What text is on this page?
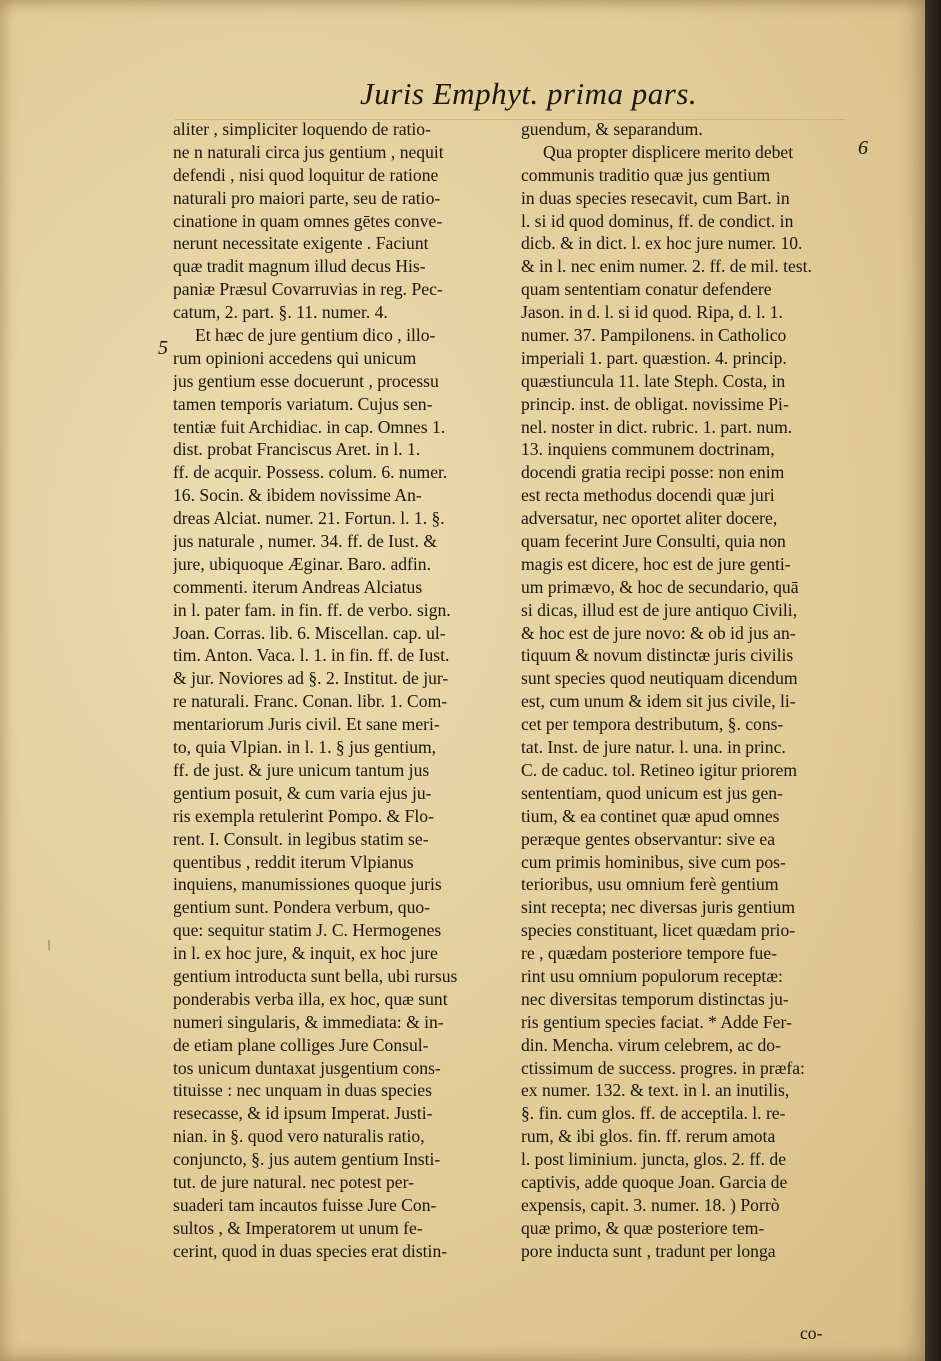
Juris Emphyt. prima pars.
5
6
aliter , simpliciter loquendo de ratio-
ne n naturali circa jus gentium , nequit
defendi , nisi quod loquitur de ratione
naturali pro maiori parte, seu de ratio-
cinatione in quam omnes gētes conve-
nerunt necessitate exigente . Faciunt
quæ tradit magnum illud decus His-
paniæ Præsul Covarruvias in reg. Pec-
catum, 2. part. §. 11. numer. 4.
Et hæc de jure gentium dico , illo-
rum opinioni accedens qui unicum
jus gentium esse docuerunt , processu
tamen temporis variatum. Cujus sen-
tentiæ fuit Archidiac. in cap. Omnes 1.
dist. probat Franciscus Aret. in l. 1.
ff. de acquir. Possess. colum. 6. numer.
16. Socin. & ibidem novissime An-
dreas Alciat. numer. 21. Fortun. l. 1. §.
jus naturale , numer. 34. ff. de Iust. &
jure, ubiquoque Æginar. Baro. adfin.
commenti. iterum Andreas Alciatus
in l. pater fam. in fin. ff. de verbo. sign.
Joan. Corras. lib. 6. Miscellan. cap. ul-
tim. Anton. Vaca. l. 1. in fin. ff. de Iust.
& jur. Noviores ad §. 2. Institut. de jur-
re naturali. Franc. Conan. libr. 1. Com-
mentariorum Juris civil. Et sane meri-
to, quia Vlpian. in l. 1. § jus gentium,
ff. de just. & jure unicum tantum jus
gentium posuit, & cum varia ejus ju-
ris exempla retulerint Pompo. & Flo-
rent. I. Consult. in legibus statim se-
quentibus , reddit iterum Vlpianus
inquiens, manumissiones quoque juris
gentium sunt. Pondera verbum, quo-
que: sequitur statim J. C. Hermogenes
in l. ex hoc jure, & inquit, ex hoc jure
gentium introducta sunt bella, ubi rursus
ponderabis verba illa, ex hoc, quæ sunt
numeri singularis, & immediata: & in-
de etiam plane colliges Jure Consul-
tos unicum duntaxat jusgentium cons-
tituisse : nec unquam in duas species
resecasse, & id ipsum Imperat. Justi-
nian. in §. quod vero naturalis ratio,
conjuncto, §. jus autem gentium Insti-
tut. de jure natural. nec potest per-
suaderi tam incautos fuisse Jure Con-
sultos , & Imperatorem ut unum fe-
cerint, quod in duas species erat distin-
guendum, & separandum.
Qua propter displicere merito debet
communis traditio quæ jus gentium
in duas species resecavit, cum Bart. in
l. si id quod dominus, ff. de condict. in
dicb. & in dict. l. ex hoc jure numer. 10.
& in l. nec enim numer. 2. ff. de mil. test.
quam sententiam conatur defendere
Jason. in d. l. si id quod. Ripa, d. l. 1.
numer. 37. Pampilonens. in Catholico
imperiali 1. part. quæstion. 4. princip.
quæstiuncula 11. late Steph. Costa, in
princip. inst. de obligat. novissime Pi-
nel. noster in dict. rubric. 1. part. num.
13. inquiens communem doctrinam,
docendi gratia recipi posse: non enim
est recta methodus docendi quæ juri
adversatur, nec oportet aliter docere,
quam fecerint Jure Consulti, quia non
magis est dicere, hoc est de jure genti-
um primævo, & hoc de secundario, quā
si dicas, illud est de jure antiquo Civili,
& hoc est de jure novo: & ob id jus an-
tiquum & novum distinctæ juris civilis
sunt species quod neutiquam dicendum
est, cum unum & idem sit jus civile, li-
cet per tempora destributum, §. cons-
tat. Inst. de jure natur. l. una. in princ.
C. de caduc. tol. Retineo igitur priorem
sententiam, quod unicum est jus gen-
tium, & ea continet quæ apud omnes
peræque gentes observantur: sive ea
cum primis hominibus, sive cum pos-
terioribus, usu omnium ferè gentium
sint recepta; nec diversas juris gentium
species constituant, licet quædam prio-
re , quædam posteriore tempore fue-
rint usu omnium populorum receptæ:
nec diversitas temporum distinctas ju-
ris gentium species faciat. * Adde Fer-
din. Mencha. virum celebrem, ac do-
ctissimum de success. progres. in præfa:
ex numer. 132. & text. in l. an inutilis,
§. fin. cum glos. ff. de acceptila. l. re-
rum, & ibi glos. fin. ff. rerum amota
l. post liminium. juncta, glos. 2. ff. de
captivis, adde quoque Joan. Garcia de
expensis, capit. 3. numer. 18. ) Porrò
quæ primo, & quæ posteriore tem-
pore inducta sunt , tradunt per longa
co-
